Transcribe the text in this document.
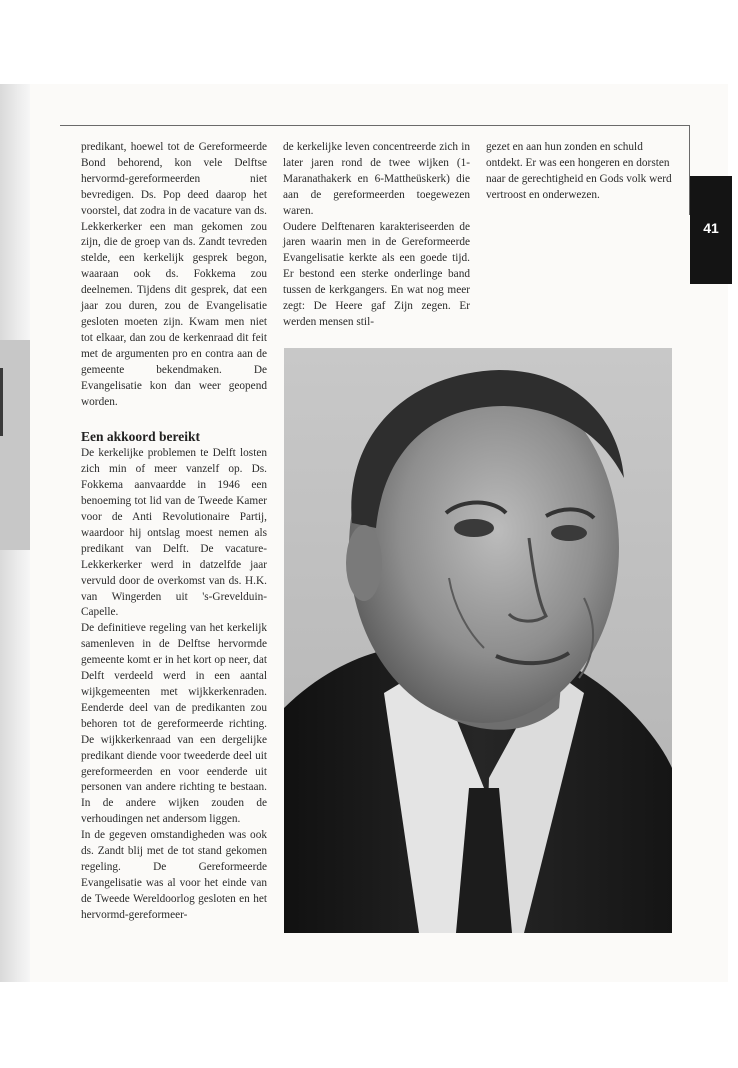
41

predikant, hoewel tot de Gereformeerde Bond behorend, kon vele Delftse hervormd-gereformeerden niet bevredigen. Ds. Pop deed daarop het voorstel, dat zodra in de vacature van ds. Lekkerkerker een man gekomen zou zijn, die de groep van ds. Zandt tevreden stelde, een kerkelijk gesprek begon, waaraan ook ds. Fokkema zou deelnemen. Tijdens dit gesprek, dat een jaar zou duren, zou de Evangelisatie gesloten moeten zijn. Kwam men niet tot elkaar, dan zou de kerkenraad dit feit met de argumenten pro en contra aan de gemeente bekendmaken. De Evangelisatie kon dan weer geopend worden.

Een akkoord bereikt

De kerkelijke problemen te Delft losten zich min of meer vanzelf op. Ds. Fokkema aanvaardde in 1946 een benoeming tot lid van de Tweede Kamer voor de Anti Revolutionaire Partij, waardoor hij ontslag moest nemen als predikant van Delft. De vacature-Lekkerkerker werd in datzelfde jaar vervuld door de overkomst van ds. H.K. van Wingerden uit 's-Grevelduin-Capelle.

De definitieve regeling van het kerkelijk samenleven in de Delftse hervormde gemeente komt er in het kort op neer, dat Delft verdeeld werd in een aantal wijkgemeenten met wijkkerkenraden. Eenderde deel van de predikanten zou behoren tot de gereformeerde richting. De wijkkerkenraad van een dergelijke predikant diende voor tweederde deel uit gereformeerden en voor eenderde uit personen van andere richting te bestaan. In de andere wijken zouden de verhoudingen net andersom liggen.

In de gegeven omstandigheden was ook ds. Zandt blij met de tot stand gekomen regeling. De Gereformeerde Evangelisatie was al voor het einde van de Tweede Wereldoorlog gesloten en het hervormd-gereformeer-

de kerkelijke leven concentreerde zich in later jaren rond de twee wijken (1-Maranathakerk en 6-Mattheüskerk) die aan de gereformeerden toegewezen waren.

Oudere Delftenaren karakteriseerden de jaren waarin men in de Gereformeerde Evangelisatie kerkte als een goede tijd. Er bestond een sterke onderlinge band tussen de kerkgangers. En wat nog meer zegt: De Heere gaf Zijn zegen. Er werden mensen stil-

gezet en aan hun zonden en schuld ontdekt. Er was een hongeren en dorsten naar de gerechtigheid en Gods volk werd vertroost en onderwezen.
